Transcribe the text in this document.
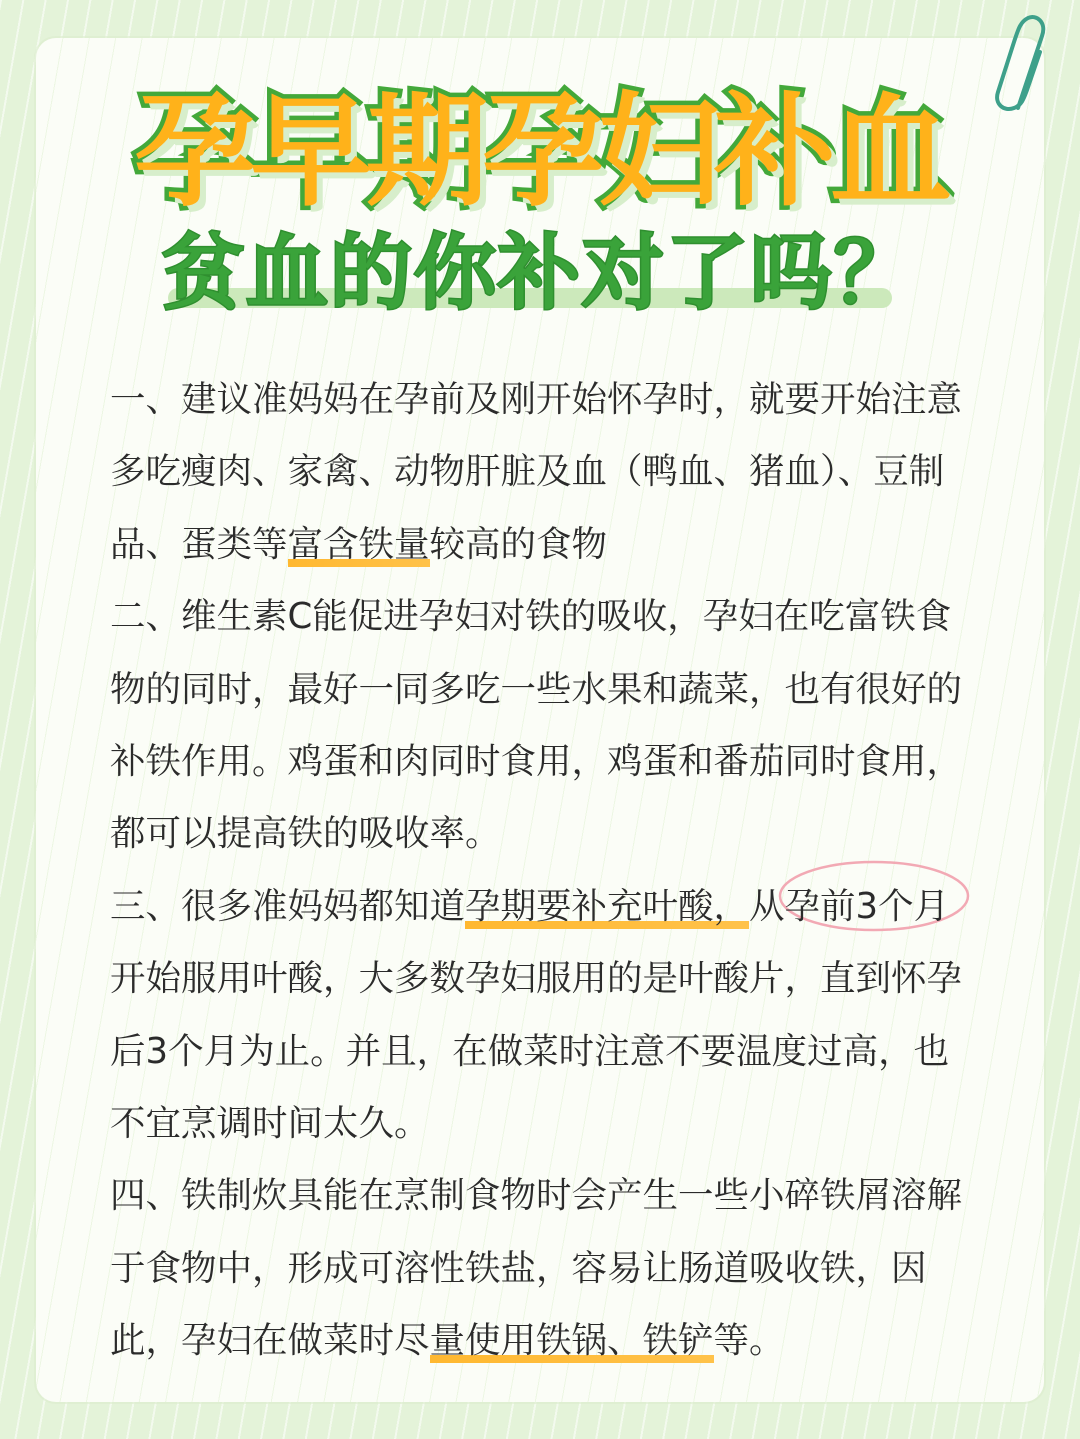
孕早期孕妇补血
贫血的你补对了吗？

一、建议准妈妈在孕前及刚开始怀孕时，就要开始注意多吃瘦肉、家禽、动物肝脏及血（鸭血、猪血）、豆制品、蛋类等富含铁量较高的食物

二、维生素C能促进孕妇对铁的吸收，孕妇在吃富铁食物的同时，最好一同多吃一些水果和蔬菜，也有很好的补铁作用。鸡蛋和肉同时食用，鸡蛋和番茄同时食用，都可以提高铁的吸收率。

三、很多准妈妈都知道孕期要补充叶酸，从孕前3个月开始服用叶酸，大多数孕妇服用的是叶酸片，直到怀孕后3个月为止。并且，在做菜时注意不要温度过高，也不宜烹调时间太久。

四、铁制炊具能在烹制食物时会产生一些小碎铁屑溶解于食物中，形成可溶性铁盐，容易让肠道吸收铁，因此，孕妇在做菜时尽量使用铁锅、铁铲等。
